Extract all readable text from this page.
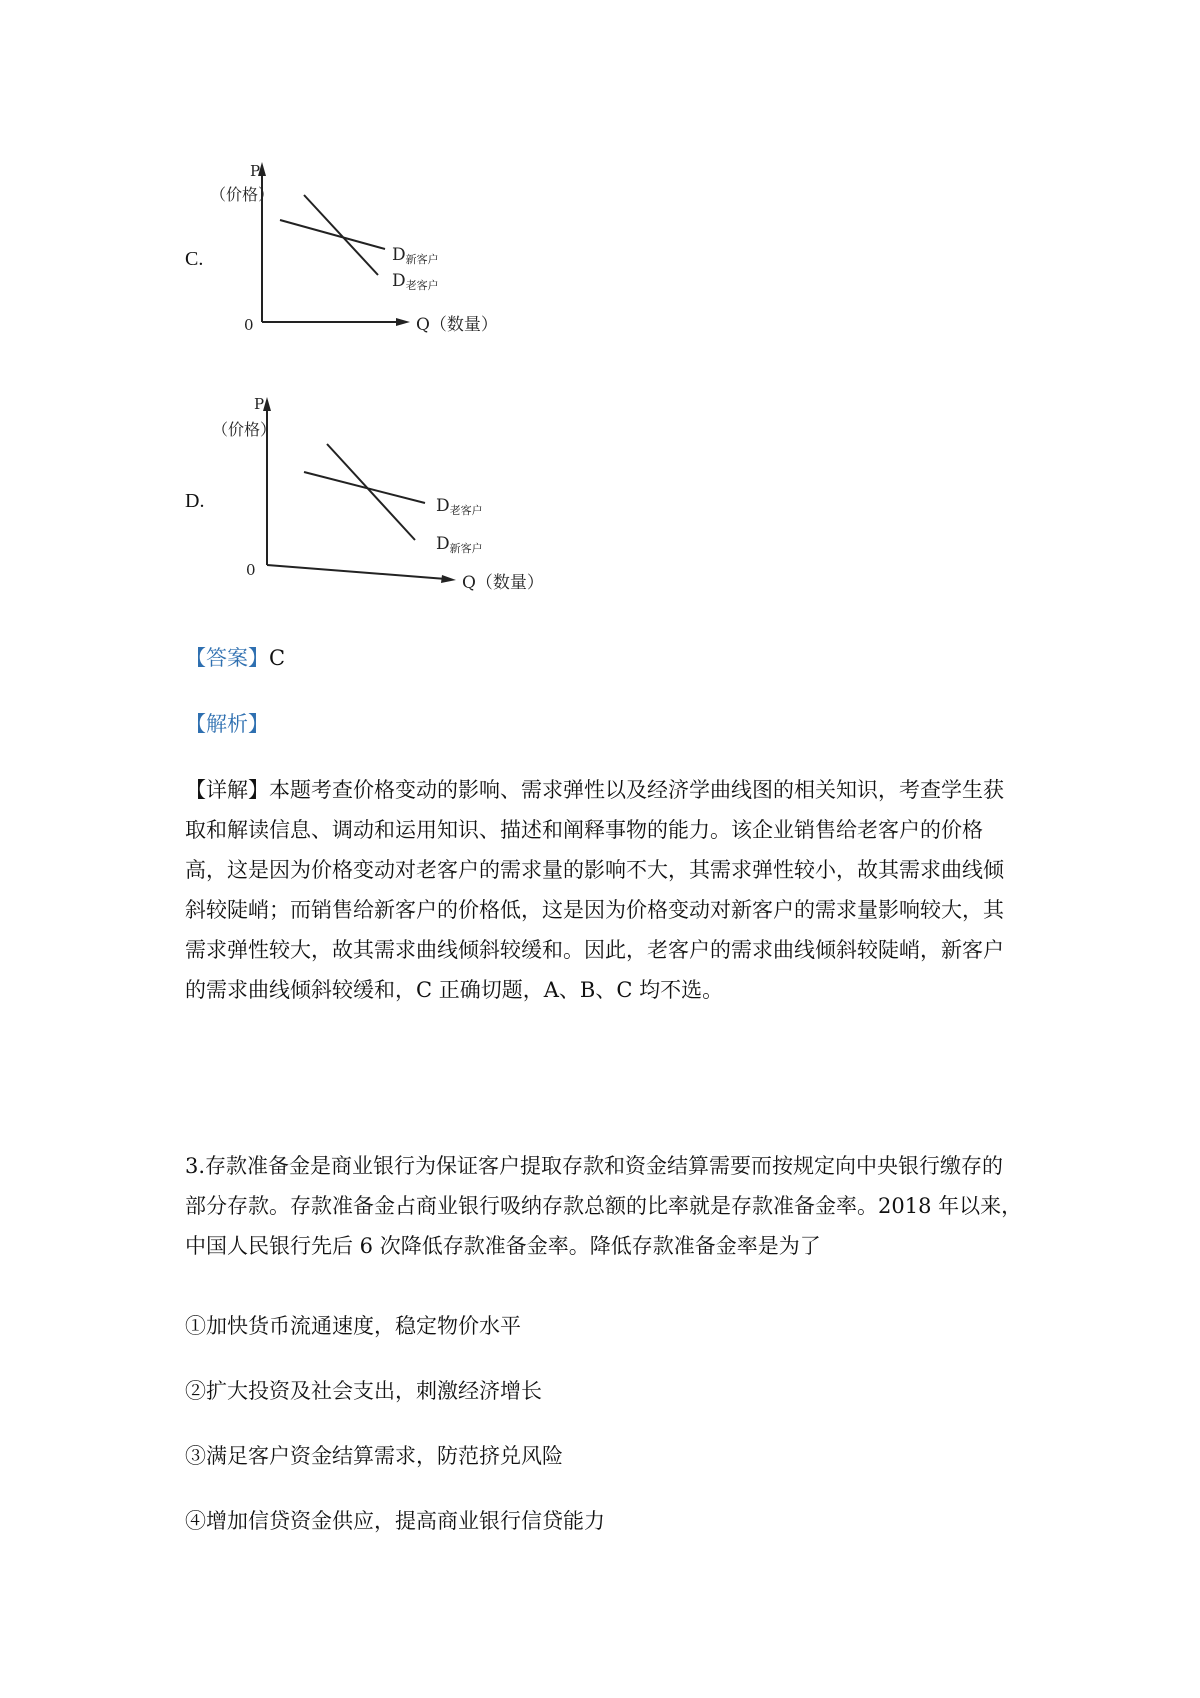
C.
P
（价格）
0	Q（数量）
D新客户
D老客户
D.
P
（价格）
0
Q（数量）
D老客户
D新客户
【答案】C
【解析】
【详解】本题考查价格变动的影响、需求弹性以及经济学曲线图的相关知识，考查学生获
取和解读信息、调动和运用知识、描述和阐释事物的能力。该企业销售给老客户的价格
高，这是因为价格变动对老客户的需求量的影响不大，其需求弹性较小，故其需求曲线倾
斜较陡峭；而销售给新客户的价格低，这是因为价格变动对新客户的需求量影响较大，其
需求弹性较大，故其需求曲线倾斜较缓和。因此，老客户的需求曲线倾斜较陡峭，新客户
的需求曲线倾斜较缓和，C 正确切题，A、B、C 均不选。
3.存款准备金是商业银行为保证客户提取存款和资金结算需要而按规定向中央银行缴存的
部分存款。存款准备金占商业银行吸纳存款总额的比率就是存款准备金率。2018 年以来，
中国人民银行先后 6 次降低存款准备金率。降低存款准备金率是为了
①加快货币流通速度，稳定物价水平
②扩大投资及社会支出，刺激经济增长
③满足客户资金结算需求，防范挤兑风险
④增加信贷资金供应，提高商业银行信贷能力
